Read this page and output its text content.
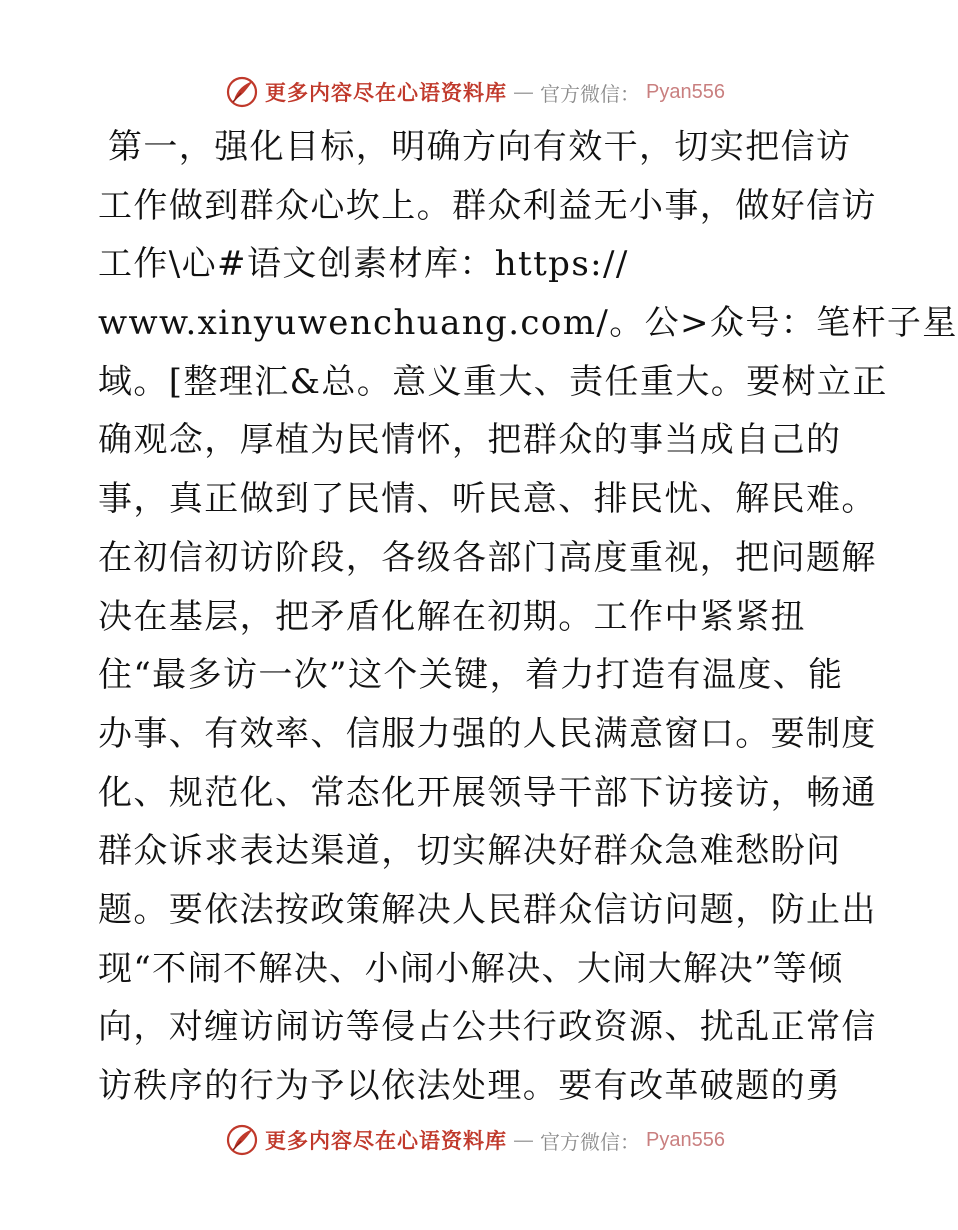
更多内容尽在心语资料库 — 官方微信： Pyan556
第一，强化目标，明确方向有效干，切实把信访
工作做到群众心坎上。群众利益无小事，做好信访
工作\心#语文创素材库：https://
www.xinyuwenchuang.com/。公>众号：笔杆子星
域。[整理汇&总。意义重大、责任重大。要树立正
确观念，厚植为民情怀，把群众的事当成自己的
事，真正做到了民情、听民意、排民忧、解民难。
在初信初访阶段，各级各部门高度重视，把问题解
决在基层，把矛盾化解在初期。工作中紧紧扭
住“最多访一次”这个关键，着力打造有温度、能
办事、有效率、信服力强的人民满意窗口。要制度
化、规范化、常态化开展领导干部下访接访，畅通
群众诉求表达渠道，切实解决好群众急难愁盼问
题。要依法按政策解决人民群众信访问题，防止出
现“不闹不解决、小闹小解决、大闹大解决”等倾
向，对缠访闹访等侵占公共行政资源、扰乱正常信
访秩序的行为予以依法处理。要有改革破题的勇
更多内容尽在心语资料库 — 官方微信： Pyan556
